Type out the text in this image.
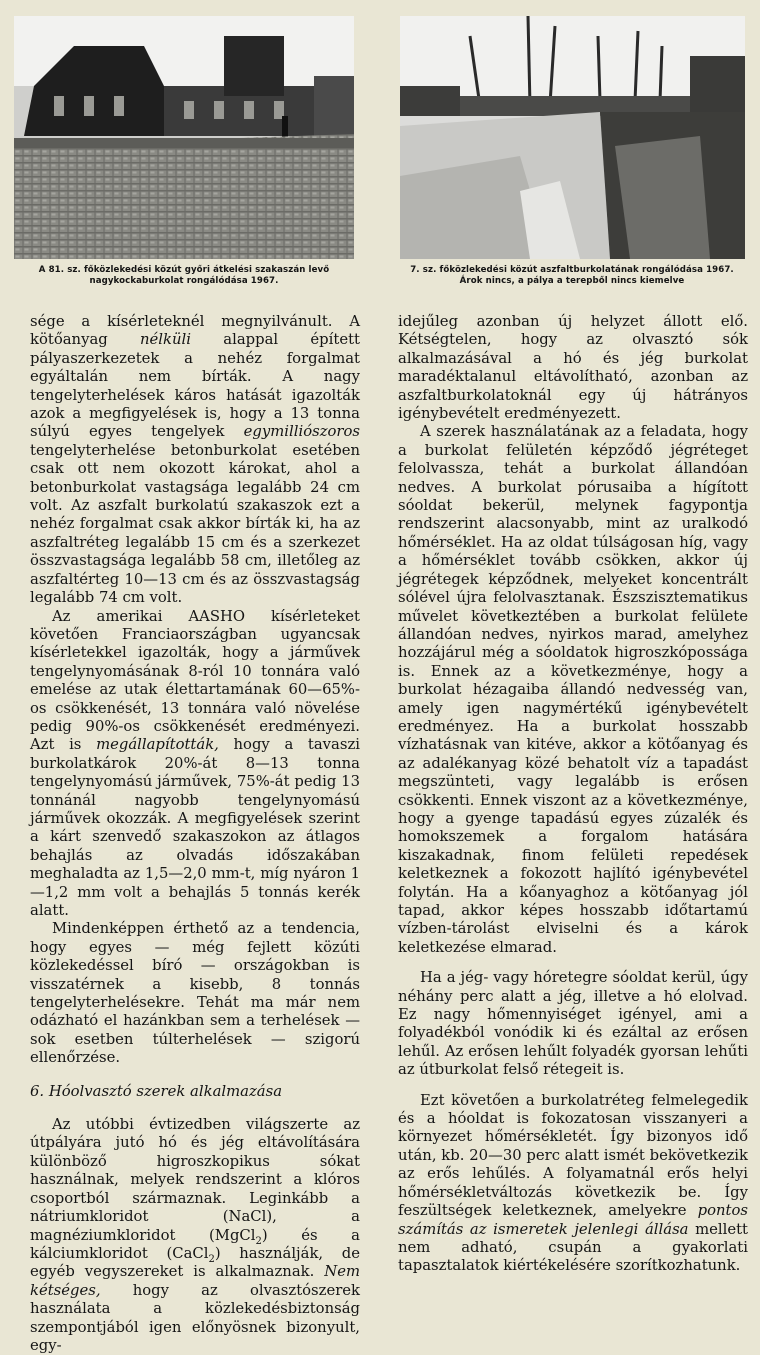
A 81. sz. főközlekedési közút győri átkelési szakaszán levő
nagykockaburkolat rongálódása 1967.
7. sz. főközlekedési közút aszfaltburkolatának rongálódása 1967.
Árok nincs, a pálya a terepből nincs kiemelve

sége a kísérleteknél megnyilvánult. A kötőanyag nélküli alappal épített pályaszerkezetek a nehéz forgalmat egyáltalán nem bírták. A nagy tengelyterhelések káros hatását igazolták azok a megfigyelések is, hogy a 13 tonna súlyú egyes tengelyek egymilliószoros tengelyterhelése betonburkolat esetében csak ott nem okozott károkat, ahol a betonburkolat vastagsága legalább 24 cm volt. Az aszfalt burkolatú szakaszok ezt a nehéz forgalmat csak akkor bírták ki, ha az aszfaltréteg legalább 15 cm és a szerkezet összvastagsága legalább 58 cm, illetőleg az aszfaltérteg 10—13 cm és az összvastagság legalább 74 cm volt.

Az amerikai AASHO kísérleteket követően Franciaországban ugyancsak kísérletekkel igazolták, hogy a járművek tengelynyomásának 8-ról 10 tonnára való emelése az utak élettartamának 60—65%-os csökkenését, 13 tonnára való növelése pedig 90%-os csökkenését eredményezi. Azt is megállapították, hogy a tavaszi burkolatkárok 20%-át 8—13 tonna tengelynyomású járművek, 75%-át pedig 13 tonnánál nagyobb tengelynyomású járművek okozzák. A megfigyelések szerint a kárt szenvedő szakaszokon az átlagos behajlás az olvadás időszakában meghaladta az 1,5—2,0 mm-t, míg nyáron 1—1,2 mm volt a behajlás 5 tonnás kerék alatt.

Mindenképpen érthető az a tendencia, hogy egyes — még fejlett közúti közlekedéssel bíró — országokban is visszatérnek a kisebb, 8 tonnás tengelyterhelésekre. Tehát ma már nem odázható el hazánkban sem a terhelések — sok esetben túlterhelések — szigorú ellenőrzése.

6. Hóolvasztó szerek alkalmazása

Az utóbbi évtizedben világszerte az útpályára jutó hó és jég eltávolítására különböző higroszkopikus sókat használnak, melyek rendszerint a klóros csoportból származnak. Leginkább a nátriumkloridot (NaCl), a magnéziumkloridot (MgCl$_2$) és a kálciumkloridot (CaCl$_2$) használják, de egyéb vegyszereket is alkalmaznak. Nem kétséges, hogy az olvasztószerek használata a közlekedésbiztonság szempontjából igen előnyösnek bizonyult, egy-

idejűleg azonban új helyzet állott elő. Kétségtelen, hogy az olvasztó sók alkalmazásával a hó és jég burkolat maradéktalanul eltávolítható, azonban az aszfaltburkolatoknál egy új hátrányos igénybevételt eredményezett.

A szerek használatának az a feladata, hogy a burkolat felületén képződő jégréteget felolvassza, tehát a burkolat állandóan nedves. A burkolat pórusaiba a hígított sóoldat bekerül, melynek fagypontja rendszerint alacsonyabb, mint az uralkodó hőmérséklet. Ha az oldat túlságosan híg, vagy a hőmérséklet tovább csökken, akkor új jégrétegek képződnek, melyeket koncentrált sólével újra felolvasztanak. Észszisztematikus művelet következtében a burkolat felülete állandóan nedves, nyirkos marad, amelyhez hozzájárul még a sóoldatok higroszkópossága is. Ennek az a következménye, hogy a burkolat hézagaiba állandó nedvesség van, amely igen nagymértékű igénybevételt eredményez. Ha a burkolat hosszabb vízhatásnak van kitéve, akkor a kötőanyag és az adalékanyag közé behatolt víz a tapadást megszünteti, vagy legalább is erősen csökkenti. Ennek viszont az a következménye, hogy a gyenge tapadású egyes zúzalék és homokszemek a forgalom hatására kiszakadnak, finom felületi repedések keletkeznek a fokozott hajlító igénybevétel folytán. Ha a kőanyaghoz a kötőanyag jól tapad, akkor képes hosszabb időtartamú vízben-tárolást elviselni és a károk keletkezése elmarad.

Ha a jég- vagy hóretegre sóoldat kerül, úgy néhány perc alatt a jég, illetve a hó elolvad. Ez nagy hőmennyiséget igényel, ami a folyadékból vonódik ki és ezáltal az erősen lehűl. Az erősen lehűlt folyadék gyorsan lehűti az útburkolat felső rétegeit is.

Ezt követően a burkolatréteg felmelegedik és a hóoldat is fokozatosan visszanyeri a környezet hőmérsékletét. Így bizonyos idő után, kb. 20—30 perc alatt ismét bekövetkezik az erős lehűlés. A folyamatnál erős helyi hőmérsékletváltozás következik be. Így feszültségek keletkeznek, amelyekre pontos számítás az ismeretek jelenlegi állása mellett nem adható, csupán a gyakorlati tapasztalatok kiértékelésére szorítkozhatunk.
